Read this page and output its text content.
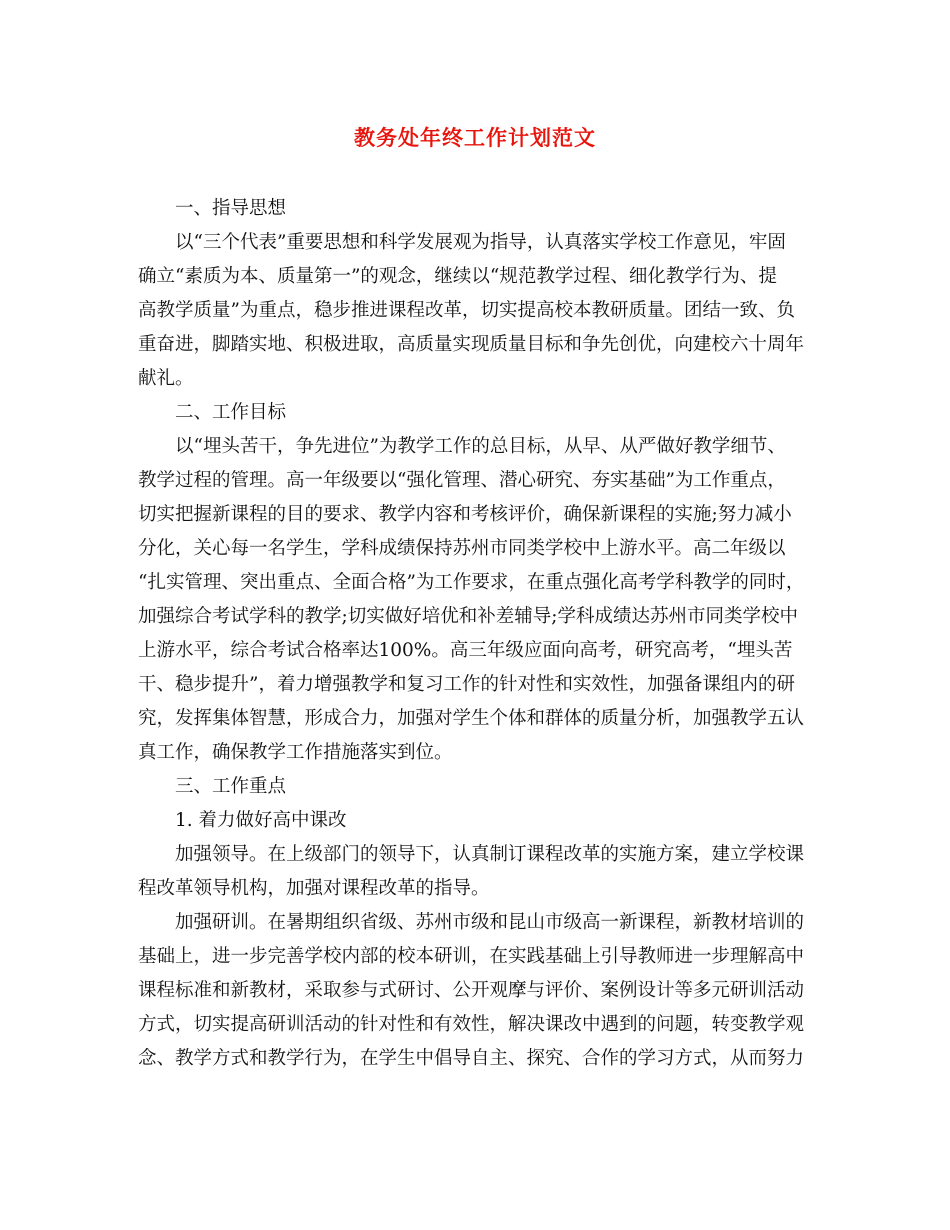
教务处年终工作计划范文
一、指导思想
以“三个代表”重要思想和科学发展观为指导，认真落实学校工作意见，牢固
确立“素质为本、质量第一”的观念，继续以“规范教学过程、细化教学行为、提
高教学质量”为重点，稳步推进课程改革，切实提高校本教研质量。团结一致、负
重奋进，脚踏实地、积极进取，高质量实现质量目标和争先创优，向建校六十周年
献礼。
二、工作目标
以“埋头苦干，争先进位”为教学工作的总目标，从早、从严做好教学细节、
教学过程的管理。高一年级要以“强化管理、潜心研究、夯实基础”为工作重点，
切实把握新课程的目的要求、教学内容和考核评价，确保新课程的实施;努力减小
分化，关心每一名学生，学科成绩保持苏州市同类学校中上游水平。高二年级以
“扎实管理、突出重点、全面合格”为工作要求，在重点强化高考学科教学的同时，
加强综合考试学科的教学;切实做好培优和补差辅导;学科成绩达苏州市同类学校中
上游水平，综合考试合格率达100%。高三年级应面向高考，研究高考，“埋头苦
干、稳步提升”，着力增强教学和复习工作的针对性和实效性，加强备课组内的研
究，发挥集体智慧，形成合力，加强对学生个体和群体的质量分析，加强教学五认
真工作，确保教学工作措施落实到位。
三、工作重点
1. 着力做好高中课改
加强领导。在上级部门的领导下，认真制订课程改革的实施方案，建立学校课
程改革领导机构，加强对课程改革的指导。
加强研训。在暑期组织省级、苏州市级和昆山市级高一新课程，新教材培训的
基础上，进一步完善学校内部的校本研训，在实践基础上引导教师进一步理解高中
课程标准和新教材，采取参与式研讨、公开观摩与评价、案例设计等多元研训活动
方式，切实提高研训活动的针对性和有效性，解决课改中遇到的问题，转变教学观
念、教学方式和教学行为，在学生中倡导自主、探究、合作的学习方式，从而努力
